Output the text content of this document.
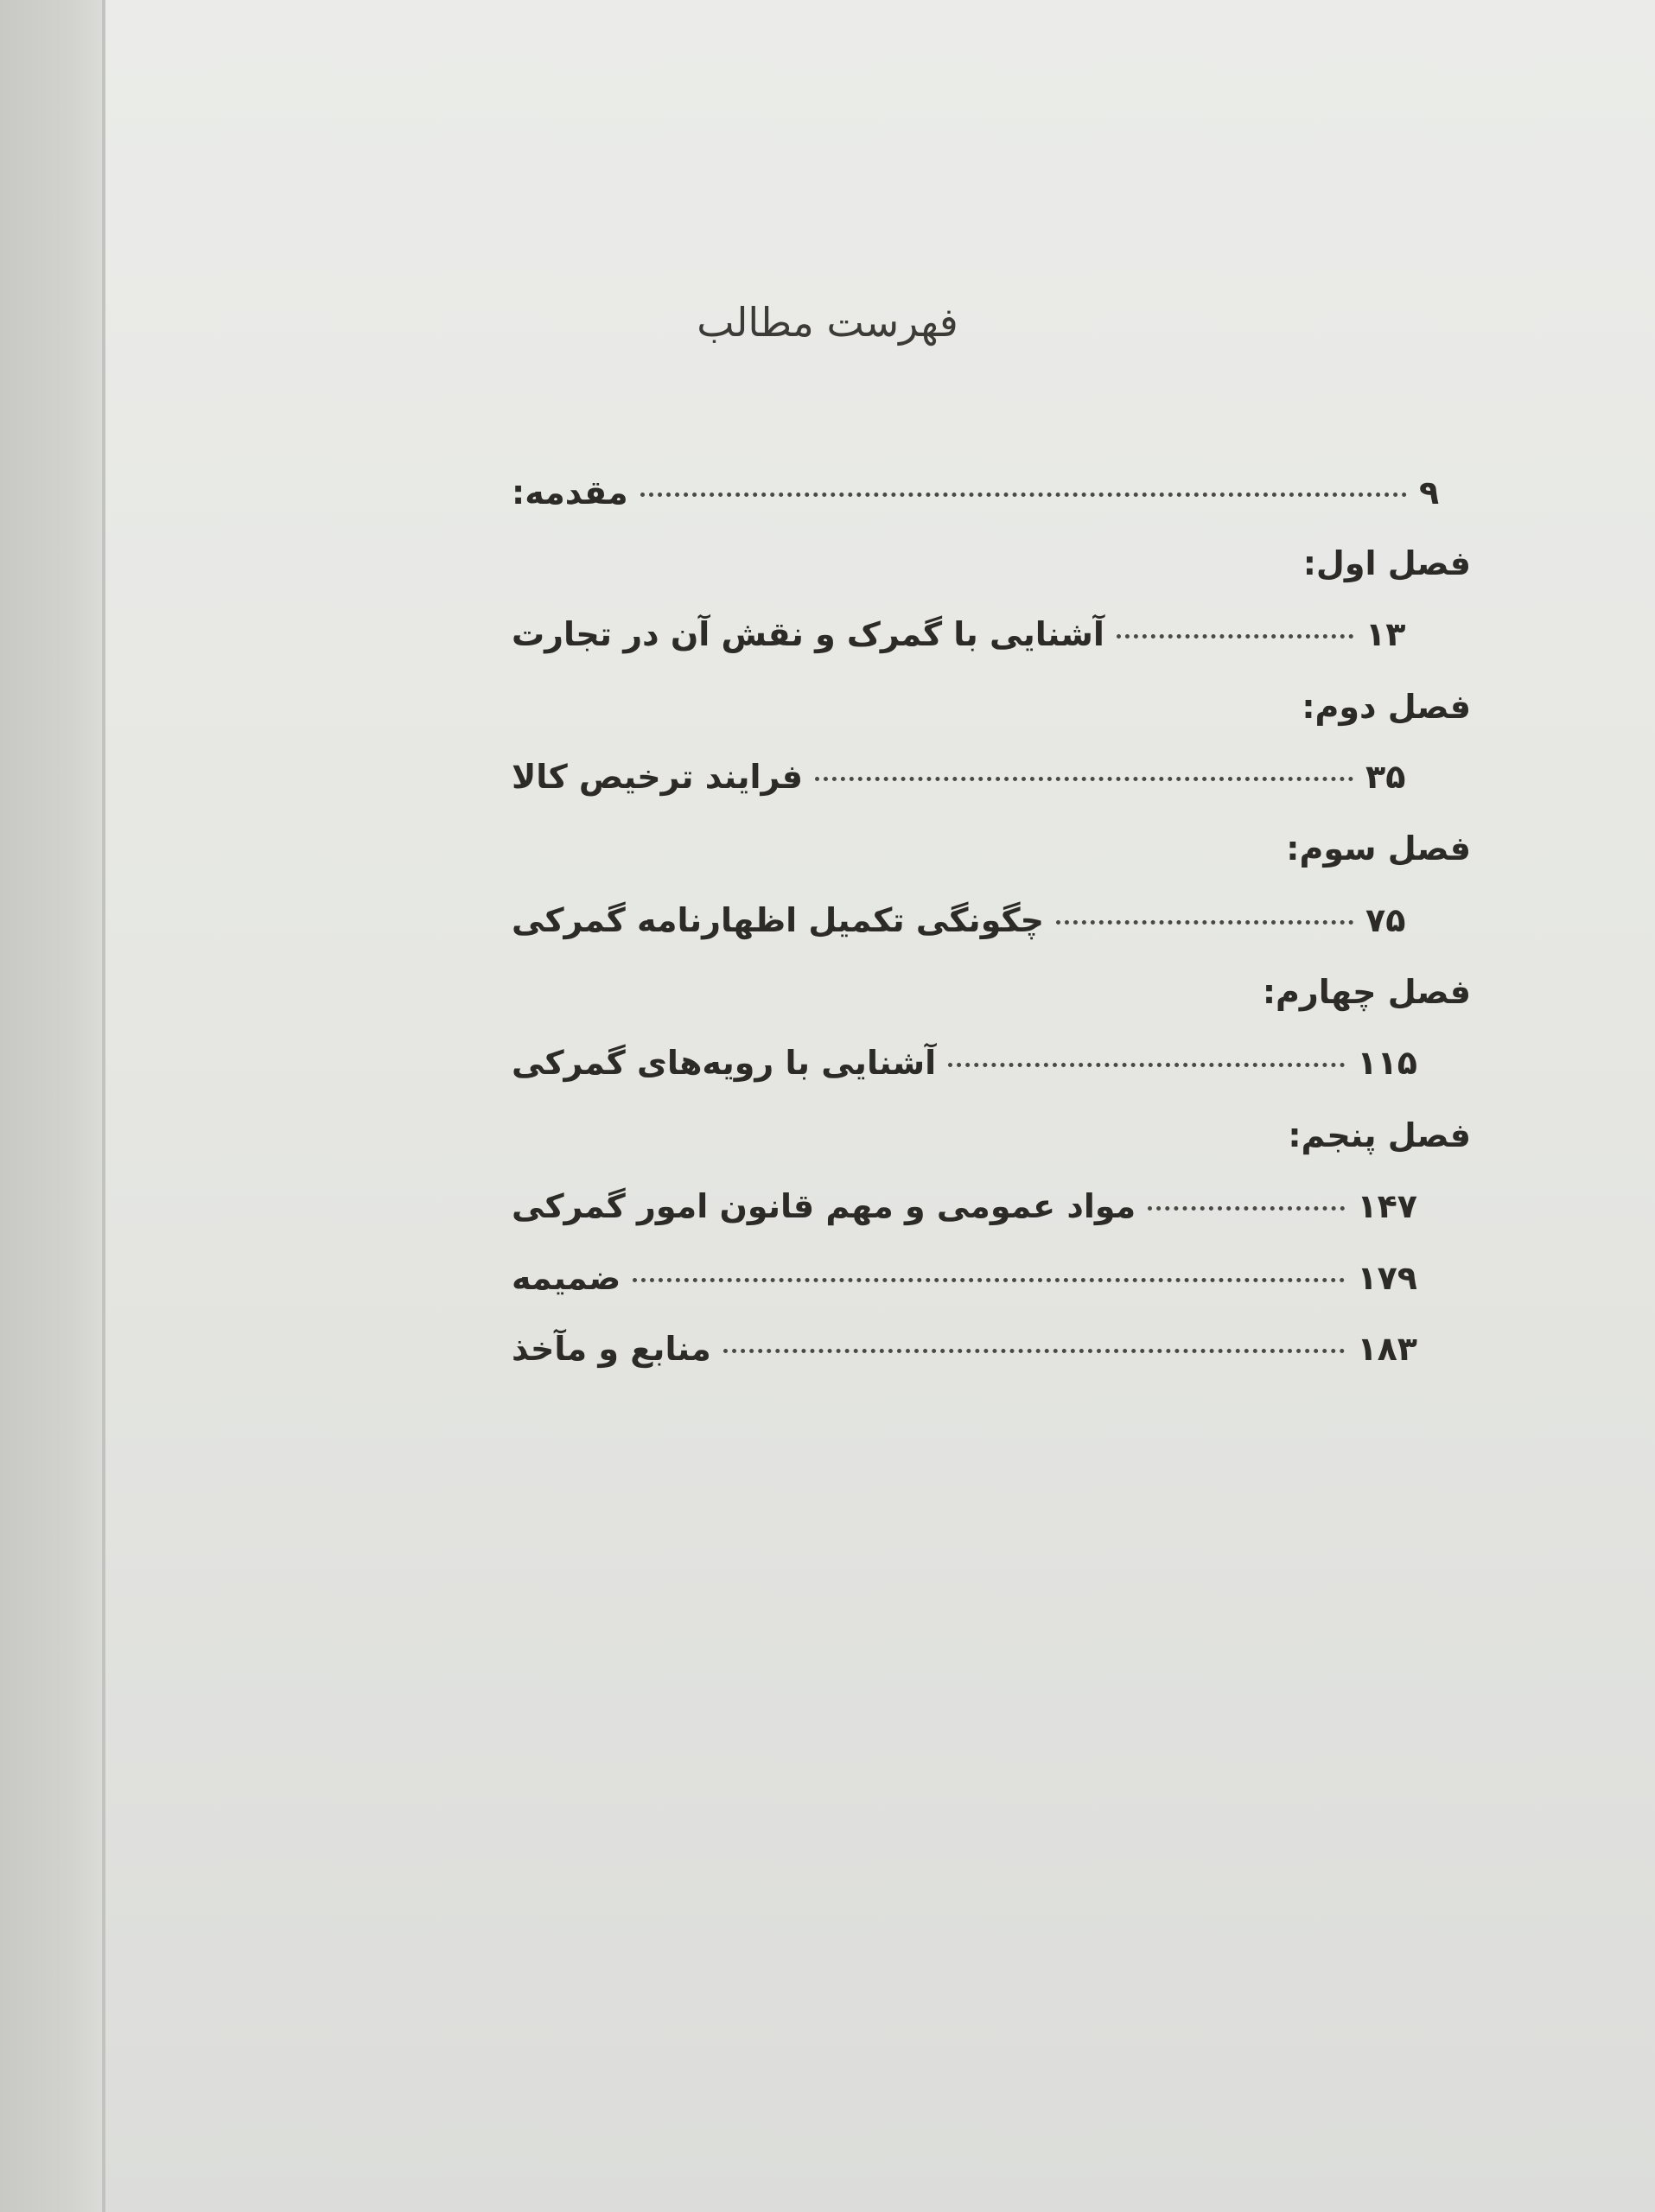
فهرست مطالب
مقدمه:	۹
فصل اول:
آشنایی با گمرک و نقش آن در تجارت	۱۳
فصل دوم:
فرایند ترخیص کالا	۳۵
فصل سوم:
چگونگی تکمیل اظهارنامه گمرکی	۷۵
فصل چهارم:
آشنایی با رویه‌های گمرکی	۱۱۵
فصل پنجم:
مواد عمومی و مهم قانون امور گمرکی	۱۴۷
ضمیمه	۱۷۹
منابع و مآخذ	۱۸۳
